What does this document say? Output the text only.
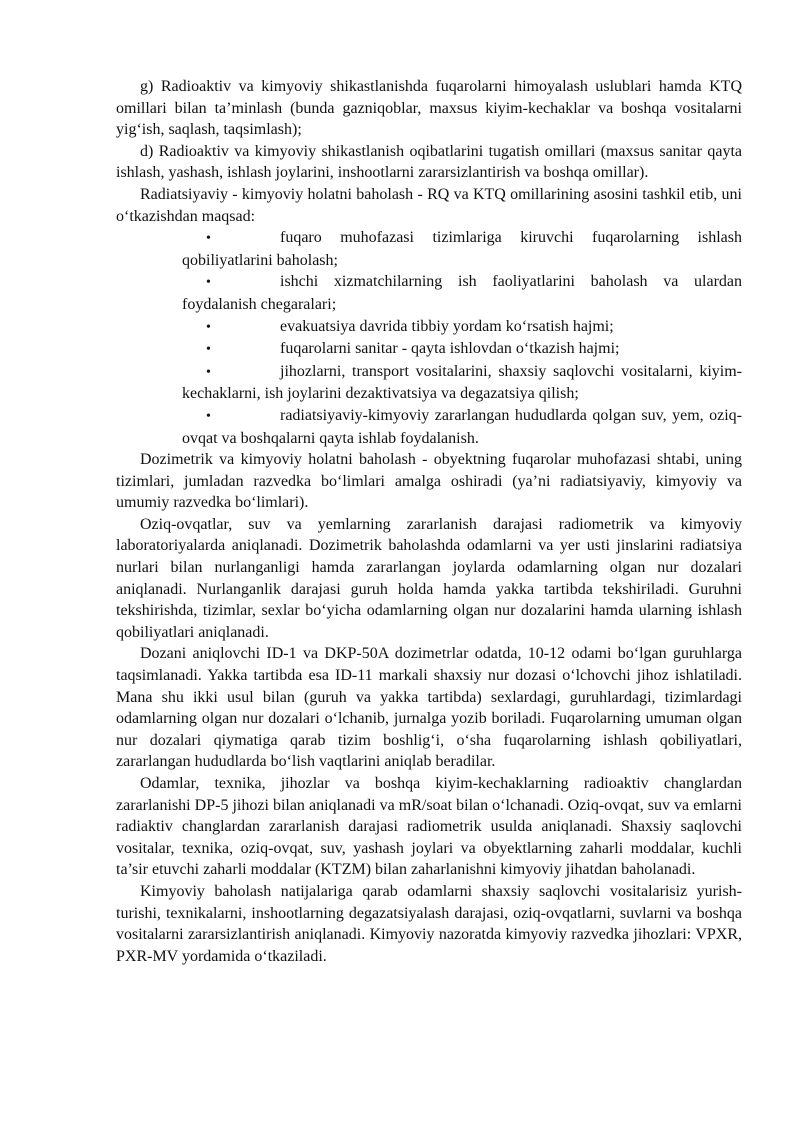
g) Radioaktiv va kimyoviy shikastlanishda fuqarolarni himoyalash uslublari hamda KTQ omillari bilan ta’minlash (bunda gazniqoblar, maxsus kiyim-kechaklar va boshqa vositalarni yig‘ish, saqlash, taqsimlash);

d) Radioaktiv va kimyoviy shikastlanish oqibatlarini tugatish omillari (maxsus sanitar qayta ishlash, yashash, ishlash joylarini, inshootlarni zararsizlantirish va boshqa omillar).

Radiatsiyaviy - kimyoviy holatni baholash - RQ va KTQ omillarining asosini tashkil etib, uni o‘tkazishdan maqsad:

•	fuqaro muhofazasi tizimlariga kiruvchi fuqarolarning ishlash qobiliyatlarini baholash;
•	ishchi xizmatchilarning ish faoliyatlarini baholash va ulardan foydalanish chegaralari;
•	evakuatsiya davrida tibbiy yordam ko‘rsatish hajmi;
•	fuqarolarni sanitar - qayta ishlovdan o‘tkazish hajmi;
•	jihozlarni, transport vositalarini, shaxsiy saqlovchi vositalarni, kiyim-kechaklarni, ish joylarini dezaktivatsiya va degazatsiya qilish;
•	radiatsiyaviy-kimyoviy zararlangan hududlarda qolgan suv, yem, oziq-ovqat va boshqalarni qayta ishlab foydalanish.

Dozimetrik va kimyoviy holatni baholash - obyektning fuqarolar muhofazasi shtabi, uning tizimlari, jumladan razvedka bo‘limlari amalga oshiradi (ya’ni radiatsiyaviy, kimyoviy va umumiy razvedka bo‘limlari).

Oziq-ovqatlar, suv va yemlarning zararlanish darajasi radiometrik va kimyoviy laboratoriyalarda aniqlanadi. Dozimetrik baholashda odamlarni va yer usti jinslarini radiatsiya nurlari bilan nurlanganligi hamda zararlangan joylarda odamlarning olgan nur dozalari aniqlanadi. Nurlanganlik darajasi guruh holda hamda yakka tartibda tekshiriladi. Guruhni tekshirishda, tizimlar, sexlar bo‘yicha odamlarning olgan nur dozalarini hamda ularning ishlash qobiliyatlari aniqlanadi.

Dozani aniqlovchi ID-1 va DKP-50A dozimetrlar odatda, 10-12 odami bo‘lgan guruhlarga taqsimlanadi. Yakka tartibda esa ID-11 markali shaxsiy nur dozasi o‘lchovchi jihoz ishlatiladi. Mana shu ikki usul bilan (guruh va yakka tartibda) sexlardagi, guruhlardagi, tizimlardagi odamlarning olgan nur dozalari o‘lchanib, jurnalga yozib boriladi. Fuqarolarning umuman olgan nur dozalari qiymatiga qarab tizim boshlig‘i, o‘sha fuqarolarning ishlash qobiliyatlari, zararlangan hududlarda bo‘lish vaqtlarini aniqlab beradilar.

Odamlar, texnika, jihozlar va boshqa kiyim-kechaklarning radioaktiv changlardan zararlanishi DP-5 jihozi bilan aniqlanadi va mR/soat bilan o‘lchanadi. Oziq-ovqat, suv va emlarni radiaktiv changlardan zararlanish darajasi radiometrik usulda aniqlanadi. Shaxsiy saqlovchi vositalar, texnika, oziq-ovqat, suv, yashash joylari va obyektlarning zaharli moddalar, kuchli ta’sir etuvchi zaharli moddalar (KTZM) bilan zaharlanishni kimyoviy jihatdan baholanadi.

Kimyoviy baholash natijalariga qarab odamlarni shaxsiy saqlovchi vositalarisiz yurish-turishi, texnikalarni, inshootlarning degazatsiyalash darajasi, oziq-ovqatlarni, suvlarni va boshqa vositalarni zararsizlantirish aniqlanadi. Kimyoviy nazoratda kimyoviy razvedka jihozlari: VPXR, PXR-MV yordamida o‘tkaziladi.
